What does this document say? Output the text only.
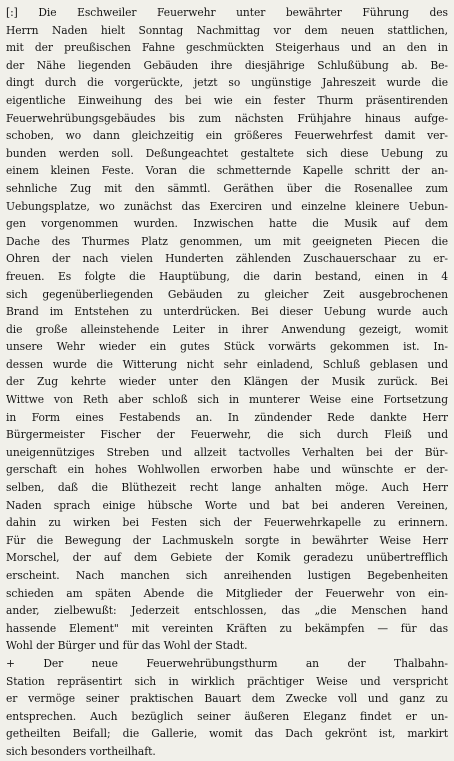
[:] Die Eschweiler Feuerwehr unter bewährter Führung des
Herrn Naden hielt Sonntag Nachmittag vor dem neuen stattlichen,
mit der preußischen Fahne geschmückten Steigerhaus und an den in
der Nähe liegenden Gebäuden ihre diesjährige Schlußübung ab. Be-
dingt durch die vorgerückte, jetzt so ungünstige Jahreszeit wurde die
eigentliche Einweihung des bei wie ein fester Thurm präsentirenden
Feuerwehrübungsgebäudes bis zum nächsten Frühjahre hinaus aufge-
schoben, wo dann gleichzeitig ein größeres Feuerwehrfest damit ver-
bunden werden soll. Deßungeachtet gestaltete sich diese Uebung zu
einem kleinen Feste. Voran die schmetternde Kapelle schritt der an-
sehnliche Zug mit den sämmtl. Geräthen über die Rosenallee zum
Uebungsplatze, wo zunächst das Exerciren und einzelne kleinere Uebun-
gen vorgenommen wurden. Inzwischen hatte die Musik auf dem
Dache des Thurmes Platz genommen, um mit geeigneten Piecen die
Ohren der nach vielen Hunderten zählenden Zuschauerschaar zu er-
freuen. Es folgte die Hauptübung, die darin bestand, einen in 4
sich gegenüberliegenden Gebäuden zu gleicher Zeit ausgebrochenen
Brand im Entstehen zu unterdrücken. Bei dieser Uebung wurde auch
die große alleinstehende Leiter in ihrer Anwendung gezeigt, womit
unsere Wehr wieder ein gutes Stück vorwärts gekommen ist. In-
dessen wurde die Witterung nicht sehr einladend, Schluß geblasen und
der Zug kehrte wieder unter den Klängen der Musik zurück. Bei
Wittwe von Reth aber schloß sich in munterer Weise eine Fortsetzung
in Form eines Festabends an. In zündender Rede dankte Herr
Bürgermeister Fischer der Feuerwehr, die sich durch Fleiß und
uneigennütziges Streben und allzeit tactvolles Verhalten bei der Bür-
gerschaft ein hohes Wohlwollen erworben habe und wünschte er der-
selben, daß die Blüthezeit recht lange anhalten möge. Auch Herr
Naden sprach einige hübsche Worte und bat bei anderen Vereinen,
dahin zu wirken bei Festen sich der Feuerwehrkapelle zu erinnern.
Für die Bewegung der Lachmuskeln sorgte in bewährter Weise Herr
Morschel, der auf dem Gebiete der Komik geradezu unübertrefflich
erscheint. Nach manchen sich anreihenden lustigen Begebenheiten
schieden am späten Abende die Mitglieder der Feuerwehr von ein-
ander, zielbewußt: Jederzeit entschlossen, das „die Menschen hand
hassende Element" mit vereinten Kräften zu bekämpfen — für das
Wohl der Bürger und für das Wohl der Stadt.
+ Der neue Feuerwehrübungsthurm an der Thalbahn-
Station repräsentirt sich in wirklich prächtiger Weise und verspricht
er vermöge seiner praktischen Bauart dem Zwecke voll und ganz zu
entsprechen. Auch bezüglich seiner äußeren Eleganz findet er un-
getheilten Beifall; die Gallerie, womit das Dach gekrönt ist, markirt
sich besonders vortheilhaft.
